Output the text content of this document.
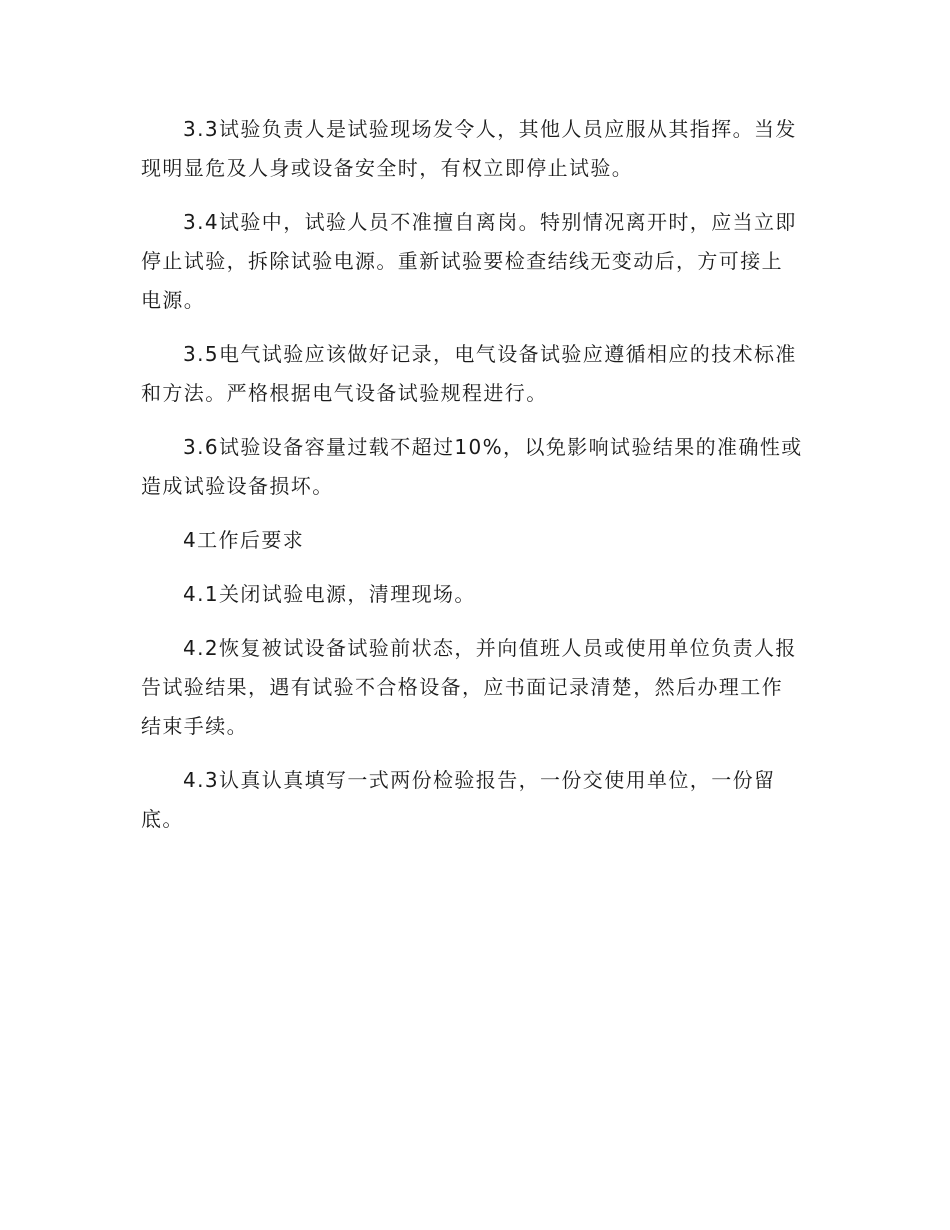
3.3试验负责人是试验现场发令人，其他人员应服从其指挥。当发
现明显危及人身或设备安全时，有权立即停止试验。
3.4试验中，试验人员不准擅自离岗。特别情况离开时，应当立即
停止试验，拆除试验电源。重新试验要检查结线无变动后，方可接上
电源。
3.5电气试验应该做好记录，电气设备试验应遵循相应的技术标准
和方法。严格根据电气设备试验规程进行。
3.6试验设备容量过载不超过10%，以免影响试验结果的准确性或
造成试验设备损坏。
4工作后要求
4.1关闭试验电源，清理现场。
4.2恢复被试设备试验前状态，并向值班人员或使用单位负责人报
告试验结果，遇有试验不合格设备，应书面记录清楚，然后办理工作
结束手续。
4.3认真认真填写一式两份检验报告，一份交使用单位，一份留
底。
